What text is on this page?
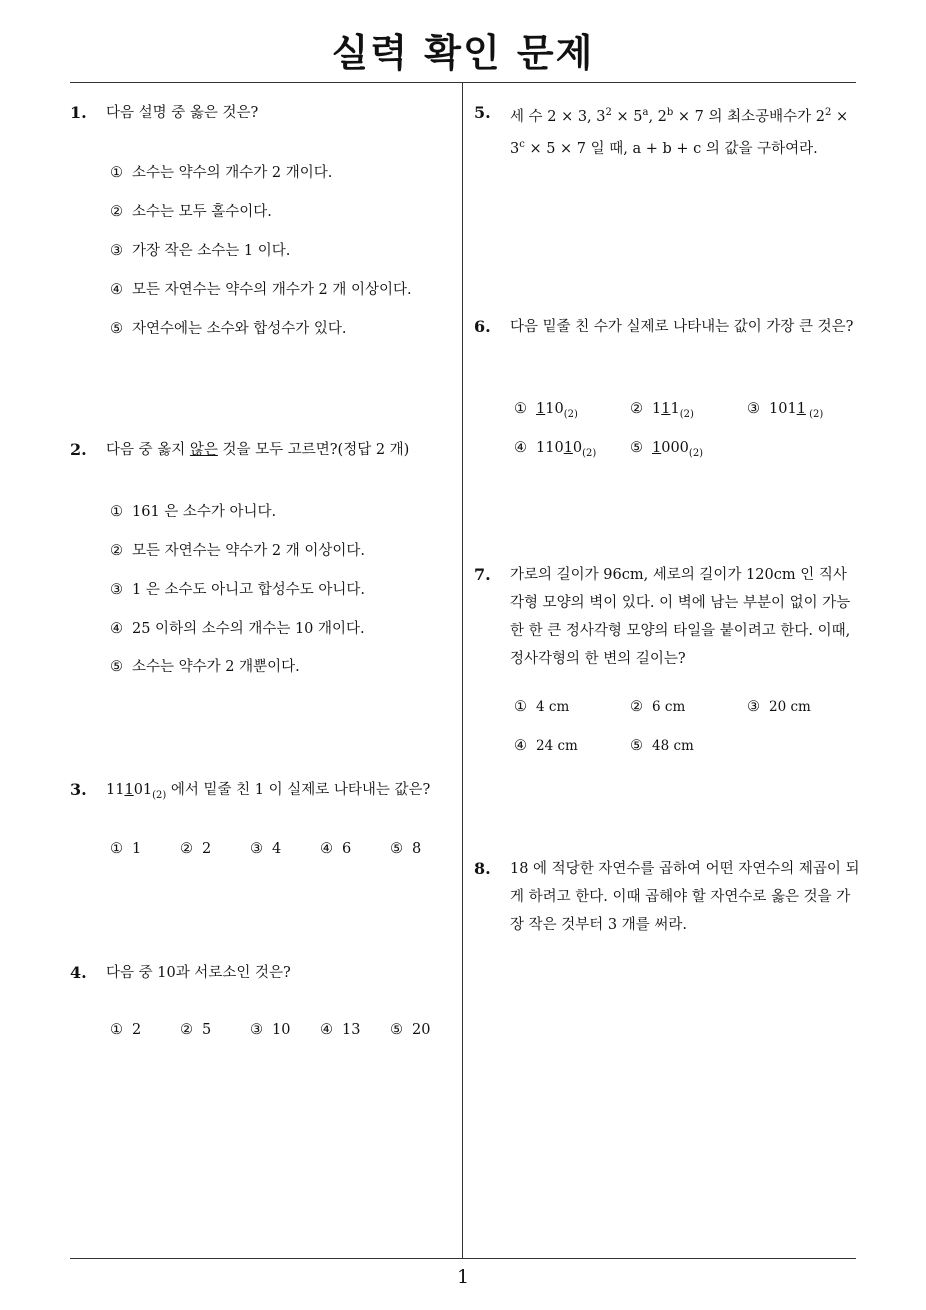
실력 확인 문제
1
1. 다음 설명 중 옳은 것은?
① 소수는 약수의 개수가 2 개이다.
② 소수는 모두 홀수이다.
③ 가장 작은 소수는 1 이다.
④ 모든 자연수는 약수의 개수가 2 개 이상이다.
⑤ 자연수에는 소수와 합성수가 있다.
2. 다음 중 옳지 않은 것을 모두 고르면?(정답 2 개)
① 161 은 소수가 아니다.
② 모든 자연수는 약수가 2 개 이상이다.
③ 1 은 소수도 아니고 합성수도 아니다.
④ 25 이하의 소수의 개수는 10 개이다.
⑤ 소수는 약수가 2 개뿐이다.
3. $11101_{(2)}$ 에서 밑줄 친 1 이 실제로 나타내는 값은?
① 1	② 2	③ 4	④ 6	⑤ 8
4. 다음 중 10과 서로소인 것은?
① 2	② 5	③ 10 ④ 13 ⑤ 20
5. 세 수 2 × 3, $3^2 \times 5^a$, $2^b \times 7$ 의 최소공배수가 $2^2$ ×
$3^c \times 5 \times 7$ 일 때, a + b + c 의 값을 구하여라.
6. 다음 밑줄 친 수가 실제로 나타내는 값이 가장 큰 것은?
① $110_{(2)}$	② $111_{(2)}$	③ 1011 $_{(2)}$
④ $11010_{(2)}$ ⑤ $1000_{(2)}$
7. 가로의 길이가 96cm, 세로의 길이가 120cm 인 직사각형 모양의 벽이 있다. 이 벽에 남는 부분이 없이 가능한 한 큰 정사각형 모양의 타일을 붙이려고 한다. 이때, 정사각형의 한 변의 길이는?
① 4 cm	② 6 cm	③ 20 cm
④ 24 cm	⑤ 48 cm
8. 18 에 적당한 자연수를 곱하여 어떤 자연수의 제곱이 되게 하려고 한다. 이때 곱해야 할 자연수로 옳은 것을 가장 작은 것부터 3 개를 써라.
